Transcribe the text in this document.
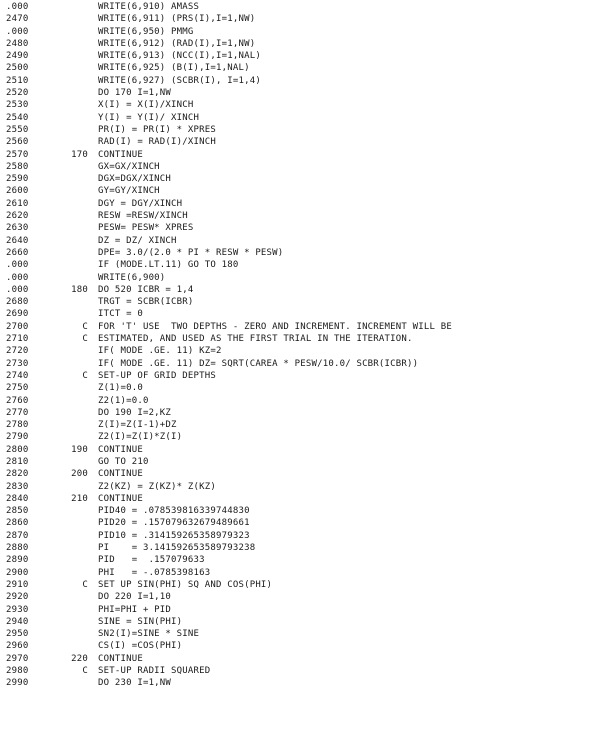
.000	WRITE(6,910) AMASS
2470	WRITE(6,911) (PRS(I),I=1,NW)
.000	WRITE(6,950) PMMG
2480	WRITE(6,912) (RAD(I),I=1,NW)
2490	WRITE(6,913) (NCC(I),I=1,NAL)
2500	WRITE(6,925) (B(I),I=1,NAL)
2510	WRITE(6,927) (SCBR(I), I=1,4)
2520	DO 170 I=1,NW
2530	X(I) = X(I)/XINCH
2540	Y(I) = Y(I)/ XINCH
2550	PR(I) = PR(I) * XPRES
2560	RAD(I) = RAD(I)/XINCH
2570	170 CONTINUE
2580	GX=GX/XINCH
2590	DGX=DGX/XINCH
2600	GY=GY/XINCH
2610	DGY = DGY/XINCH
2620	RESW =RESW/XINCH
2630	PESW= PESW* XPRES
2640	DZ = DZ/ XINCH
2660	DPE= 3.0/(2.0 * PI * RESW * PESW)
.000	IF (MODE.LT.11) GO TO 180
.000	WRITE(6,900)
.000	180 DO 520 ICBR = 1,4
2680	TRGT = SCBR(ICBR)
2690	ITCT = 0
2700	C FOR 'T' USE  TWO DEPTHS - ZERO AND INCREMENT. INCREMENT WILL BE
2710	C ESTIMATED, AND USED AS THE FIRST TRIAL IN THE ITERATION.
2720	IF( MODE .GE. 11) KZ=2
2730	IF( MODE .GE. 11) DZ= SQRT(CAREA * PESW/10.0/ SCBR(ICBR))
2740	C SET-UP OF GRID DEPTHS
2750	Z(1)=0.0
2760	Z2(1)=0.0
2770	DO 190 I=2,KZ
2780	Z(I)=Z(I-1)+DZ
2790	Z2(I)=Z(I)*Z(I)
2800	190 CONTINUE
2810	GO TO 210
2820	200 CONTINUE
2830	Z2(KZ) = Z(KZ)* Z(KZ)
2840	210 CONTINUE
2850	PID40 = .078539816339744830
2860	PID20 = .157079632679489661
2870	PID10 = .314159265358979323
2880	PI    = 3.141592653589793238
2890	PID   =  .157079633
2900	PHI   = -.0785398163
2910	C SET UP SIN(PHI) SQ AND COS(PHI)
2920	DO 220 I=1,10
2930	PHI=PHI + PID
2940	SINE = SIN(PHI)
2950	SN2(I)=SINE * SINE
2960	CS(I) =COS(PHI)
2970	220 CONTINUE
2980	C SET-UP RADII SQUARED
2990	DO 230 I=1,NW
